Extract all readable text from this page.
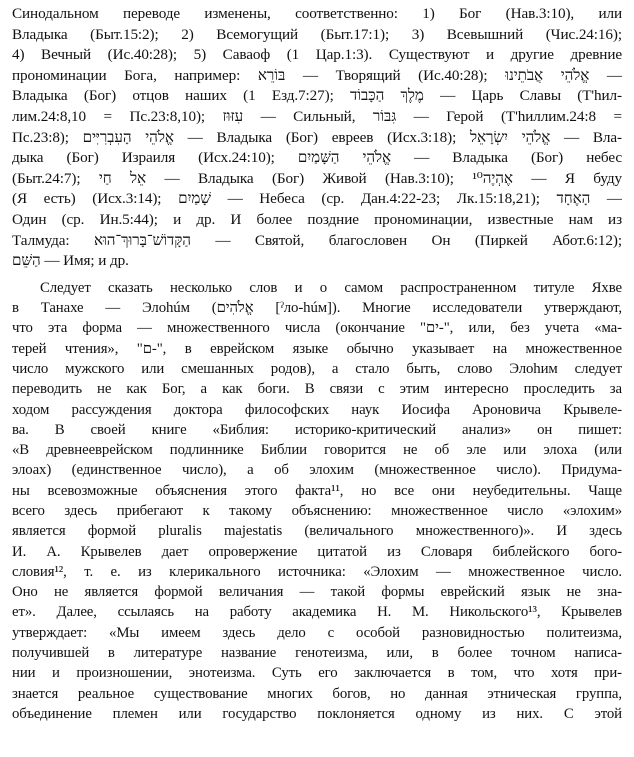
Синодальном переводе изменены, соответственно: 1) Бог (Нав.3:10), или
Владыка (Быт.15:2); 2) Всемогущий (Быт.17:1); 3) Всевышний (Чис.24:16);
4) Вечный (Ис.40:28); 5) Саваоф (1 Цар.1:3). Существуют и другие древние
прономинации Бога, например: בּוֹרֵא — Творящий (Ис.40:28); אֱלֹהֵי אֲבֹתֵינוּ —
Владыка (Бог) отцов наших (1 Езд.7:27); מֶלֶךְ הַכָּבוֹד — Царь Славы (Т'hил-
лим.24:8,10 = Пс.23:8,10); עִזּוּז — Сильный, גִּבּוֹר — Герой (Т'hиллим.24:8 =
Пс.23:8); אֱלֹהֵי הָעִבְרִיִּים — Владыка (Бог) евреев (Исх.3:18); אֱלֹהֵי יִשְׂרָאֵל — Вла-
дыка (Бог) Израиля (Исх.24:10); אֱלֹהֵי הַשָּׁמַיִם — Владыка (Бог) небес
(Быт.24:7); אֵל חַי — Владыка (Бог) Живой (Нав.3:10); אֶהְיֶה¹⁰ — Я буду
(Я есть) (Исх.3:14); שָׁמַיִם — Небеса (ср. Дан.4:22-23; Лк.15:18,21); הָאֶחָד —
Один (ср. Ин.5:44); и др. И более поздние прономинации, известные нам из
Талмуда: הַקָּדוֹשׁ־בָּרוּךְ־הוּא — Святой, благословен Он (Пиркей Абот.6:12);
הַשֵּׁם — Имя; и др.

Следует сказать несколько слов и о самом распространенном титуле Яхве
в Танахе — Элоhúм (אֱלֹהִים [ˀло-húм]). Многие исследователи утверждают,
что эта форма — множественного числа (окончание "ים-", или, без учета «ма-
терей чтения», "ם-", в еврейском языке обычно указывает на множественное
число мужского или смешанных родов), а стало быть, слово Элоhим следует
переводить не как Бог, а как боги. В связи с этим интересно проследить за
ходом рассуждения доктора философских наук Иосифа Ароновича Крывеле-
ва. В своей книге «Библия: историко-критический анализ» он пишет:
«В древнееврейском подлиннике Библии говорится не об эле или элоха (или
элоах) (единственное число), а об элохим (множественное число). Придума-
ны всевозможные объяснения этого факта¹¹, но все они неубедительны. Чаще
всего здесь прибегают к такому объяснению: множественное число «элохим»
является формой pluralis majestatis (величального множественного)». И здесь
И. А. Крывелев дает опровержение цитатой из Словаря библейского бого-
словия¹², т. е. из клерикального источника: «Элохим — множественное число.
Оно не является формой величания — такой формы еврейский язык не зна-
ет». Далее, ссылаясь на работу академика Н. М. Никольского¹³, Крывелев
утверждает: «Мы имеем здесь дело с особой разновидностью политеизма,
получившей в литературе название генотеизма, или, в более точном написа-
нии и произношении, энотеизма. Суть его заключается в том, что хотя при-
знается реальное существование многих богов, но данная этническая группа,
объединение племен или государство поклоняется одному из них. С этой
